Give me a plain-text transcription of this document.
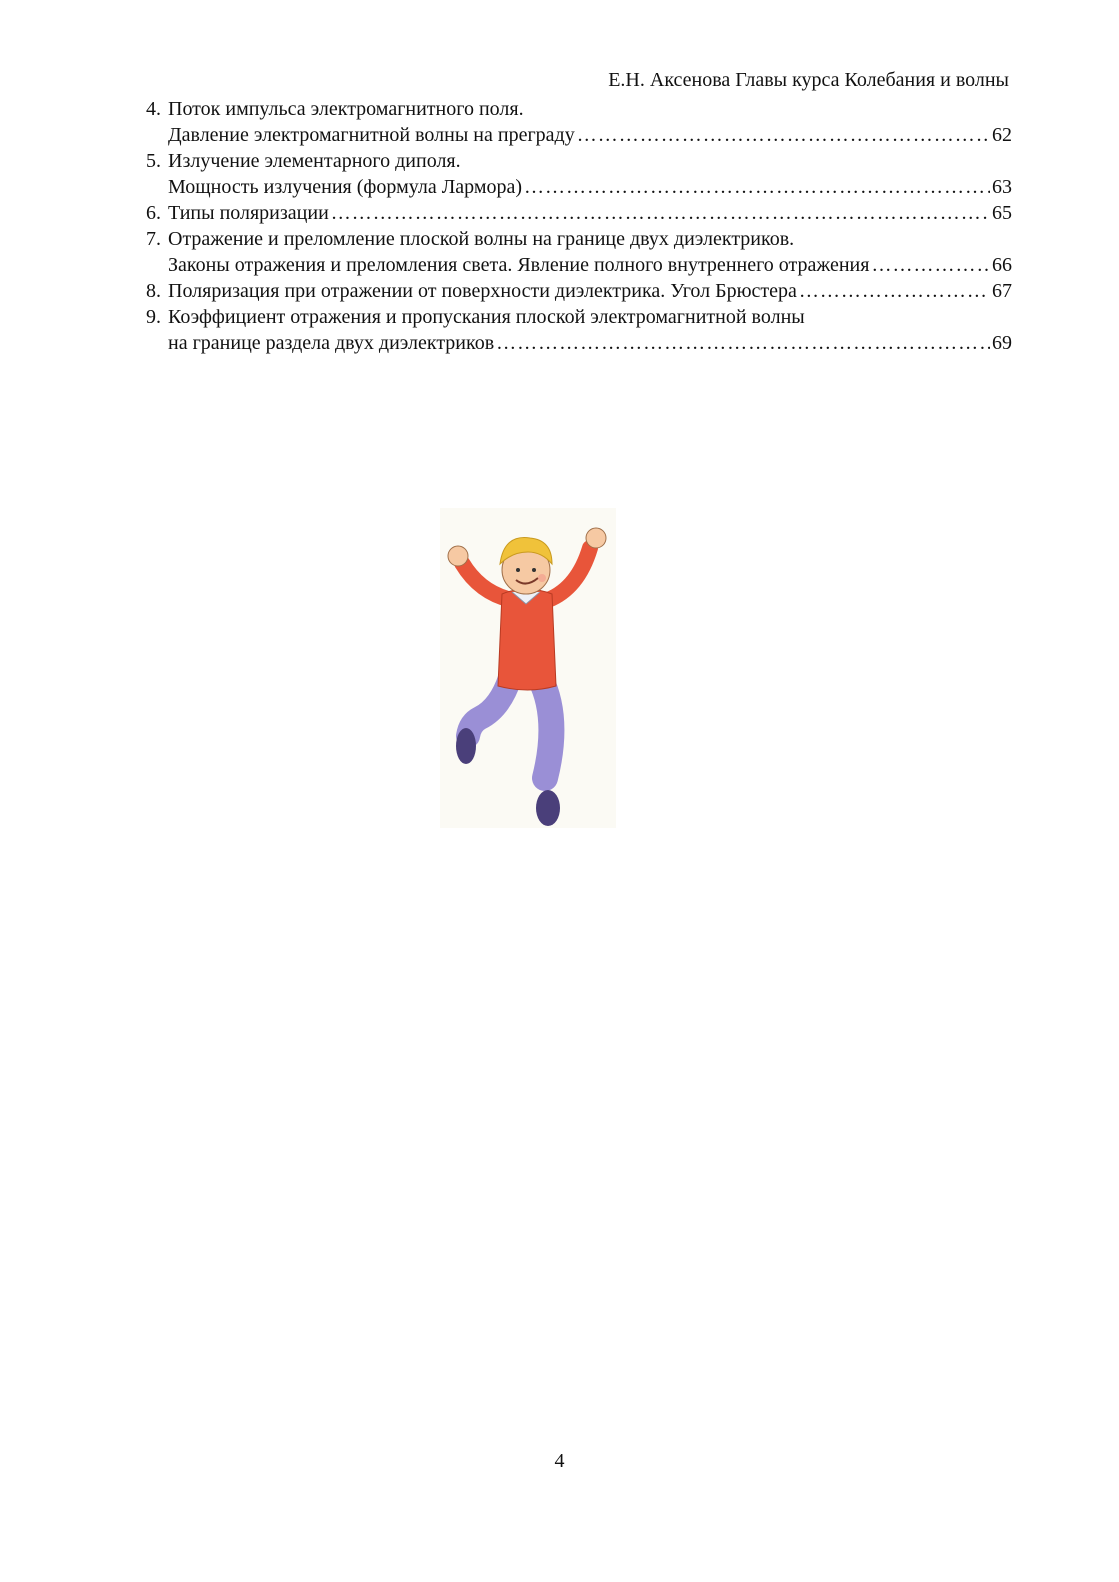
Е.Н. Аксенова Главы курса Колебания и волны
4. Поток импульса электромагнитного поля.
Давление электромагнитной волны на преграду …………………………………………………………………………………………………………………………………………………………………………	62
5. Излучение элементарного диполя.
Мощность излучения (формула Лармора) …………………………………………………………………………………………………………………………………………………………………………	63
6. Типы поляризации …………………………………………………………………………………………………………………………………………………………………………	65
7. Отражение и преломление плоской волны на границе двух диэлектриков.
Законы отражения и преломления света. Явление полного внутреннего отражения …………………………………………………………………………………………………………………………………………………………………………	66
8. Поляризация при отражении от поверхности диэлектрика. Угол Брюстера …………………………………………………………………………………………………………………………………………………………………………	67
9. Коэффициент отражения и пропускания плоской электромагнитной волны
на границе раздела двух диэлектриков …………………………………………………………………………………………………………………………………………………………………………	69
4
